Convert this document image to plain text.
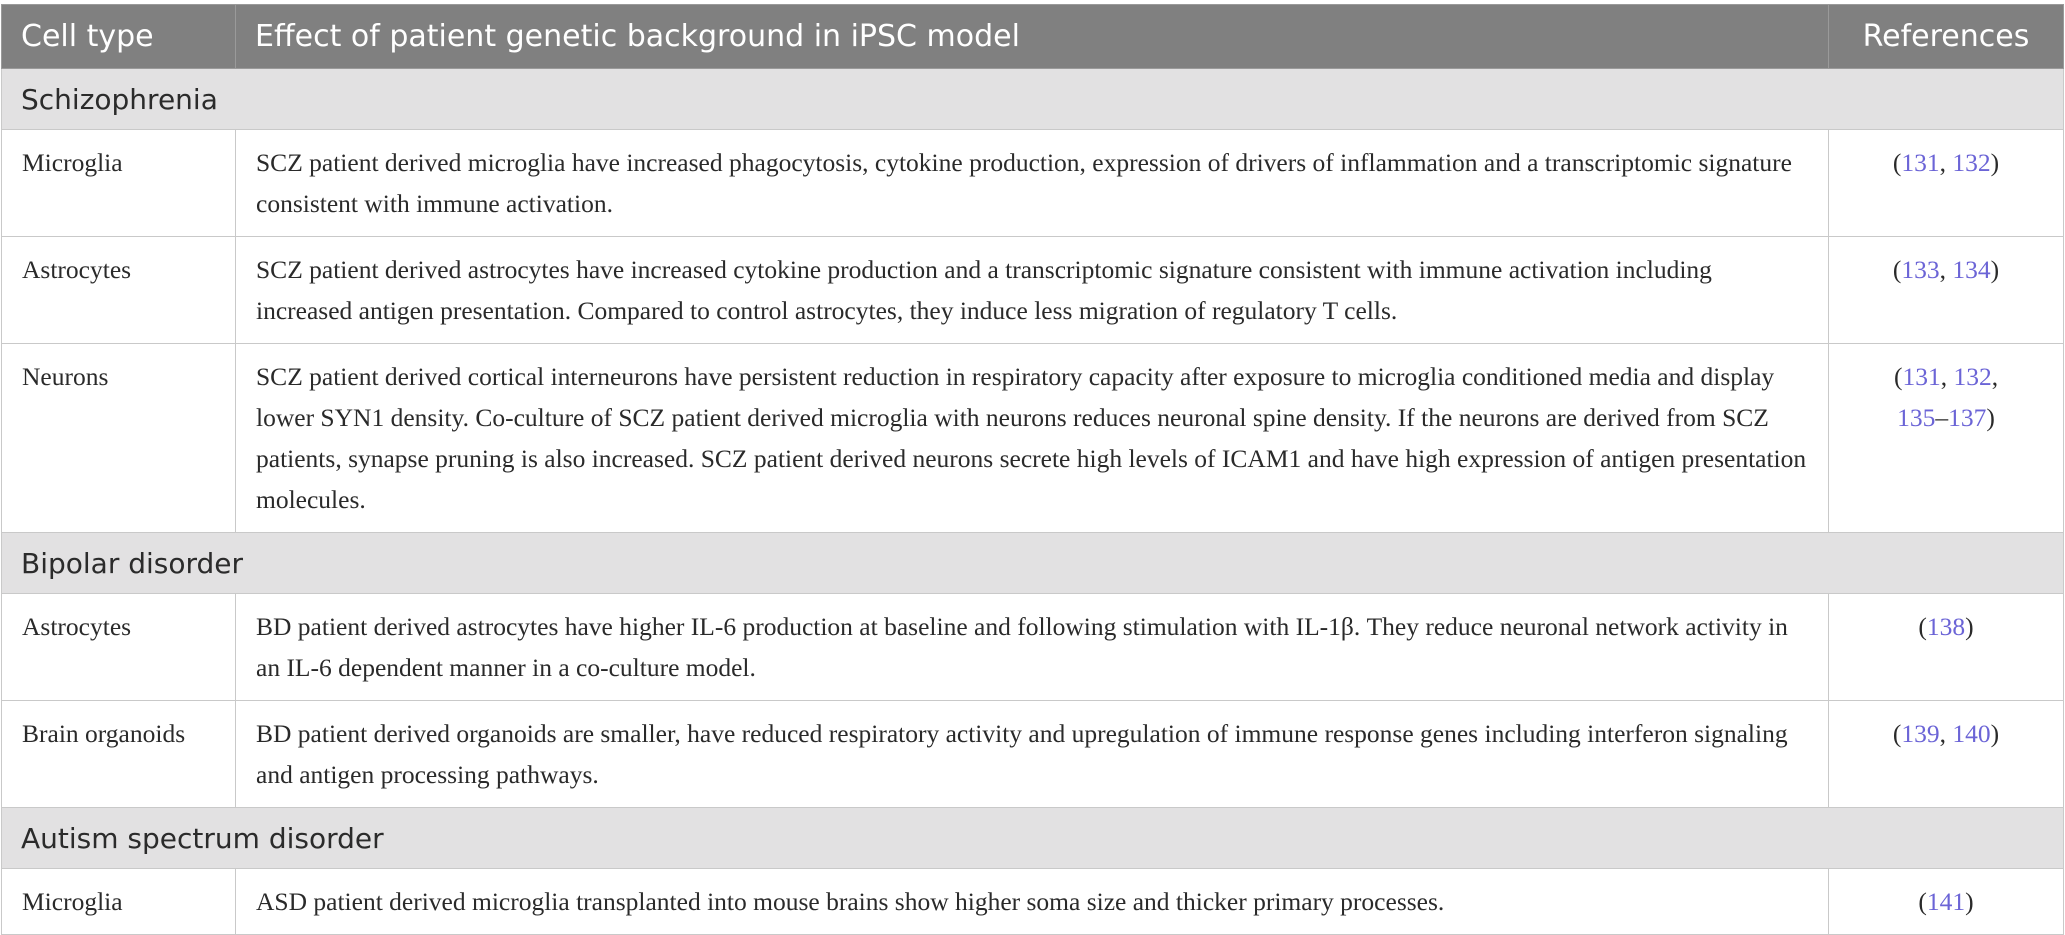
Cell type	Effect of patient genetic background in iPSC model	References
Schizophrenia		
Microglia	SCZ patient derived microglia have increased phagocytosis, cytokine production, expression of drivers of inflammation and a transcriptomic signature consistent with immune activation.	(131, 132)
Astrocytes	SCZ patient derived astrocytes have increased cytokine production and a transcriptomic signature consistent with immune activation including increased antigen presentation. Compared to control astrocytes, they induce less migration of regulatory T cells.	(133, 134)
Neurons	SCZ patient derived cortical interneurons have persistent reduction in respiratory capacity after exposure to microglia conditioned media and display lower SYN1 density. Co-culture of SCZ patient derived microglia with neurons reduces neuronal spine density. If the neurons are derived from SCZ patients, synapse pruning is also increased. SCZ patient derived neurons secrete high levels of ICAM1 and have high expression of antigen presentation molecules.	(131, 132, 135–137)
Bipolar disorder		
Astrocytes	BD patient derived astrocytes have higher IL-6 production at baseline and following stimulation with IL-1β. They reduce neuronal network activity in an IL-6 dependent manner in a co-culture model.	(138)
Brain organoids	BD patient derived organoids are smaller, have reduced respiratory activity and upregulation of immune response genes including interferon signaling and antigen processing pathways.	(139, 140)
Autism spectrum disorder		
Microglia	ASD patient derived microglia transplanted into mouse brains show higher soma size and thicker primary processes.	(141)
